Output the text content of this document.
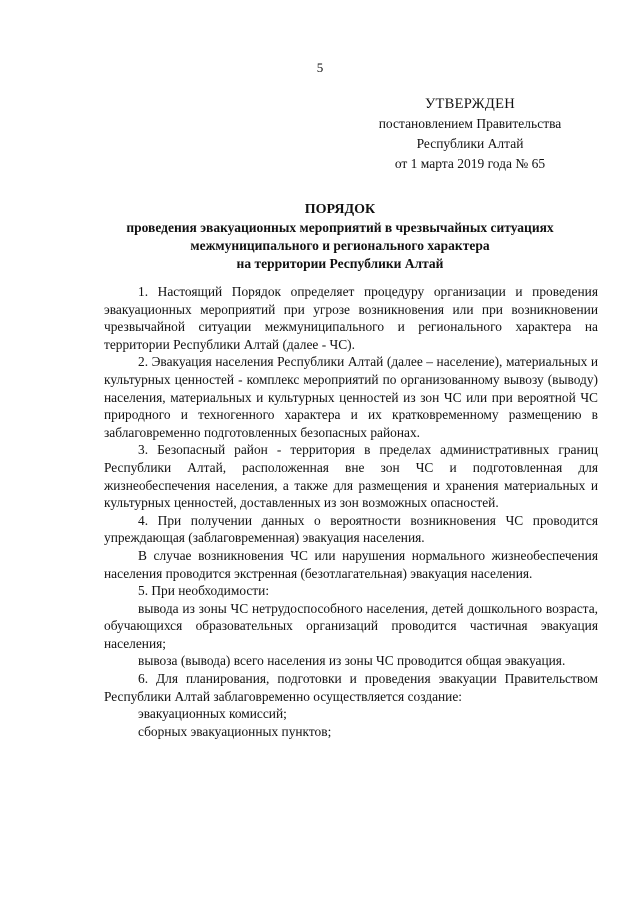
5
УТВЕРЖДЕН
постановлением Правительства
Республики Алтай
от 1 марта 2019 года № 65
ПОРЯДОК
проведения эвакуационных мероприятий в чрезвычайных ситуациях
межмуниципального и регионального характера
на территории Республики Алтай

1. Настоящий Порядок определяет процедуру организации и проведения эвакуационных мероприятий при угрозе возникновения или при возникновении чрезвычайной ситуации межмуниципального и регионального характера на территории Республики Алтай (далее - ЧС).

2. Эвакуация населения Республики Алтай (далее – население), материальных и культурных ценностей - комплекс мероприятий по организованному вывозу (выводу) населения, материальных и культурных ценностей из зон ЧС или при вероятной ЧС природного и техногенного характера и их кратковременному размещению в заблаговременно подготовленных безопасных районах.

3. Безопасный район - территория в пределах административных границ Республики Алтай, расположенная вне зон ЧС и подготовленная для жизнеобеспечения населения, а также для размещения и хранения материальных и культурных ценностей, доставленных из зон возможных опасностей.

4. При получении данных о вероятности возникновения ЧС проводится упреждающая (заблаговременная) эвакуация населения.

В случае возникновения ЧС или нарушения нормального жизнеобеспечения населения проводится экстренная (безотлагательная) эвакуация населения.

5. При необходимости:

вывода из зоны ЧС нетрудоспособного населения, детей дошкольного возраста, обучающихся образовательных организаций проводится частичная эвакуация населения;

вывоза (вывода) всего населения из зоны ЧС проводится общая эвакуация.

6. Для планирования, подготовки и проведения эвакуации Правительством Республики Алтай заблаговременно осуществляется создание:

эвакуационных комиссий;

сборных эвакуационных пунктов;
